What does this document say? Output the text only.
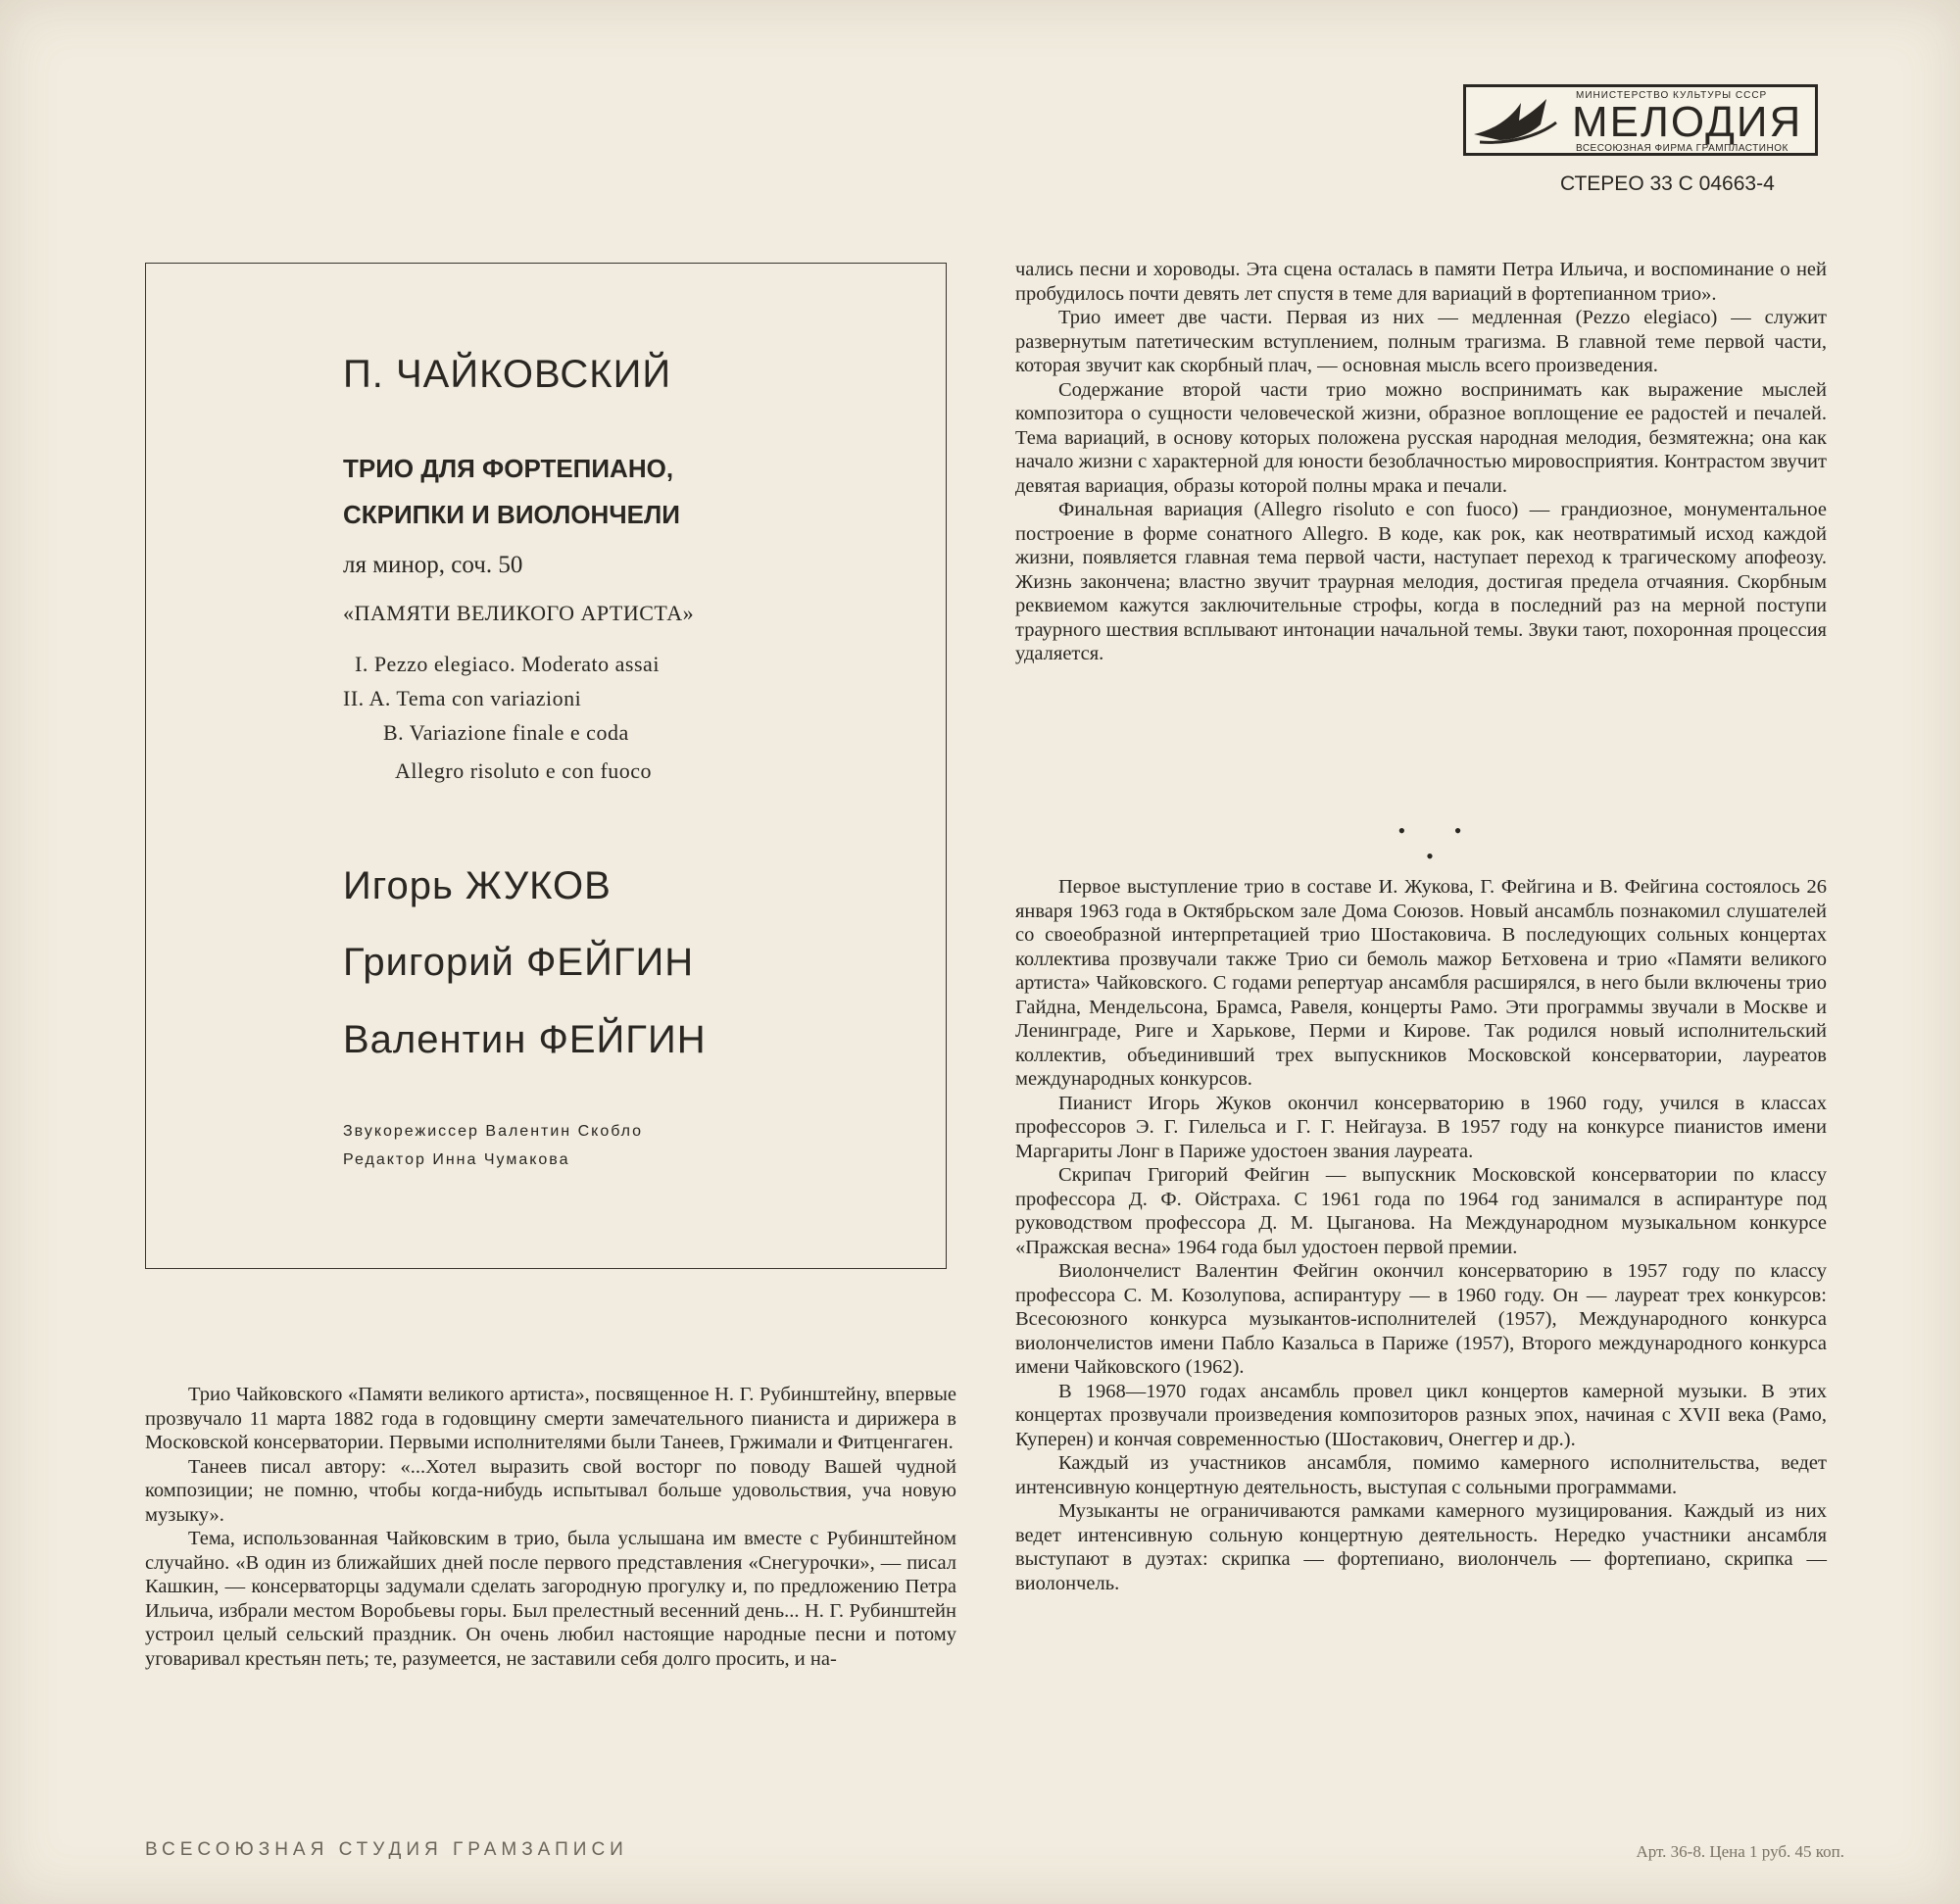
МИНИСТЕРСТВО КУЛЬТУРЫ СССР
МЕЛОДИЯ
ВСЕСОЮЗНАЯ ФИРМА ГРАМПЛАСТИНОК
СТЕРЕО 33 С 04663-4
П. ЧАЙКОВСКИЙ
ТРИО ДЛЯ ФОРТЕПИАНО,
СКРИПКИ И ВИОЛОНЧЕЛИ
ля минор, соч. 50
«ПАМЯТИ ВЕЛИКОГО АРТИСТА»
I. Pezzo elegiaco. Moderato assai
II. A. Tema con variazioni
B. Variazione finale e coda
Allegro risoluto e con fuoco
Игорь ЖУКОВ
Григорий ФЕЙГИН
Валентин ФЕЙГИН
Звукорежиссер Валентин Скобло
Редактор Инна Чумакова

Трио Чайковского «Памяти великого артиста», посвященное Н. Г. Рубинштейну, впервые прозвучало 11 марта 1882 года в годовщину смерти замечательного пианиста и дирижера в Московской консерватории. Первыми исполнителями были Танеев, Гржимали и Фитценгаген.

Танеев писал автору: «...Хотел выразить свой восторг по поводу Вашей чудной композиции; не помню, чтобы когда-нибудь испытывал больше удовольствия, уча новую музыку».

Тема, использованная Чайковским в трио, была услышана им вместе с Рубинштейном случайно. «В один из ближайших дней после первого представления «Снегурочки», — писал Кашкин, — консерваторцы задумали сделать загородную прогулку и, по предложению Петра Ильича, избрали местом Воробьевы горы. Был прелестный весенний день... Н. Г. Рубинштейн устроил целый сельский праздник. Он очень любил настоящие народные песни и потому уговаривал крестьян петь; те, разумеется, не заставили себя долго просить, и на-

чались песни и хороводы. Эта сцена осталась в памяти Петра Ильича, и воспоминание о ней пробудилось почти девять лет спустя в теме для вариаций в фортепианном трио».

Трио имеет две части. Первая из них — медленная (Pezzo elegiaco) — служит развернутым патетическим вступлением, полным трагизма. В главной теме первой части, которая звучит как скорбный плач, — основная мысль всего произведения.

Содержание второй части трио можно воспринимать как выражение мыслей композитора о сущности человеческой жизни, образное воплощение ее радостей и печалей. Тема вариаций, в основу которых положена русская народная мелодия, безмятежна; она как начало жизни с характерной для юности безоблачностью мировосприятия. Контрастом звучит девятая вариация, образы которой полны мрака и печали.

Финальная вариация (Allegro risoluto e con fuoco) — грандиозное, монументальное построение в форме сонатного Allegro. В коде, как рок, как неотвратимый исход каждой жизни, появляется главная тема первой части, наступает переход к трагическому апофеозу. Жизнь закончена; властно звучит траурная мелодия, достигая предела отчаяния. Скорбным реквиемом кажутся заключительные строфы, когда в последний раз на мерной поступи траурного шествия всплывают интонации начальной темы. Звуки тают, похоронная процессия удаляется.

• • •

Первое выступление трио в составе И. Жукова, Г. Фейгина и В. Фейгина состоялось 26 января 1963 года в Октябрьском зале Дома Союзов. Новый ансамбль познакомил слушателей со своеобразной интерпретацией трио Шостаковича. В последующих сольных концертах коллектива прозвучали также Трио си бемоль мажор Бетховена и трио «Памяти великого артиста» Чайковского. С годами репертуар ансамбля расширялся, в него были включены трио Гайдна, Мендельсона, Брамса, Равеля, концерты Рамо. Эти программы звучали в Москве и Ленинграде, Риге и Харькове, Перми и Кирове. Так родился новый исполнительский коллектив, объединивший трех выпускников Московской консерватории, лауреатов международных конкурсов.

Пианист Игорь Жуков окончил консерваторию в 1960 году, учился в классах профессоров Э. Г. Гилельса и Г. Г. Нейгауза. В 1957 году на конкурсе пианистов имени Маргариты Лонг в Париже удостоен звания лауреата.

Скрипач Григорий Фейгин — выпускник Московской консерватории по классу профессора Д. Ф. Ойстраха. С 1961 года по 1964 год занимался в аспирантуре под руководством профессора Д. М. Цыганова. На Международном музыкальном конкурсе «Пражская весна» 1964 года был удостоен первой премии.

Виолончелист Валентин Фейгин окончил консерваторию в 1957 году по классу профессора С. М. Козолупова, аспирантуру — в 1960 году. Он — лауреат трех конкурсов: Всесоюзного конкурса музыкантов-исполнителей (1957), Международного конкурса виолончелистов имени Пабло Казальса в Париже (1957), Второго международного конкурса имени Чайковского (1962).

В 1968—1970 годах ансамбль провел цикл концертов камерной музыки. В этих концертах прозвучали произведения композиторов разных эпох, начиная с XVII века (Рамо, Куперен) и кончая современностью (Шостакович, Онеггер и др.).

Каждый из участников ансамбля, помимо камерного исполнительства, ведет интенсивную концертную деятельность, выступая с сольными программами.

Музыканты не ограничиваются рамками камерного музицирования. Каждый из них ведет интенсивную сольную концертную деятельность. Нередко участники ансамбля выступают в дуэтах: скрипка — фортепиано, виолончель — фортепиано, скрипка — виолончель.

ВСЕСОЮЗНАЯ СТУДИЯ ГРАМЗАПИСИ	Арт. 36-8. Цена 1 руб. 45 коп.
